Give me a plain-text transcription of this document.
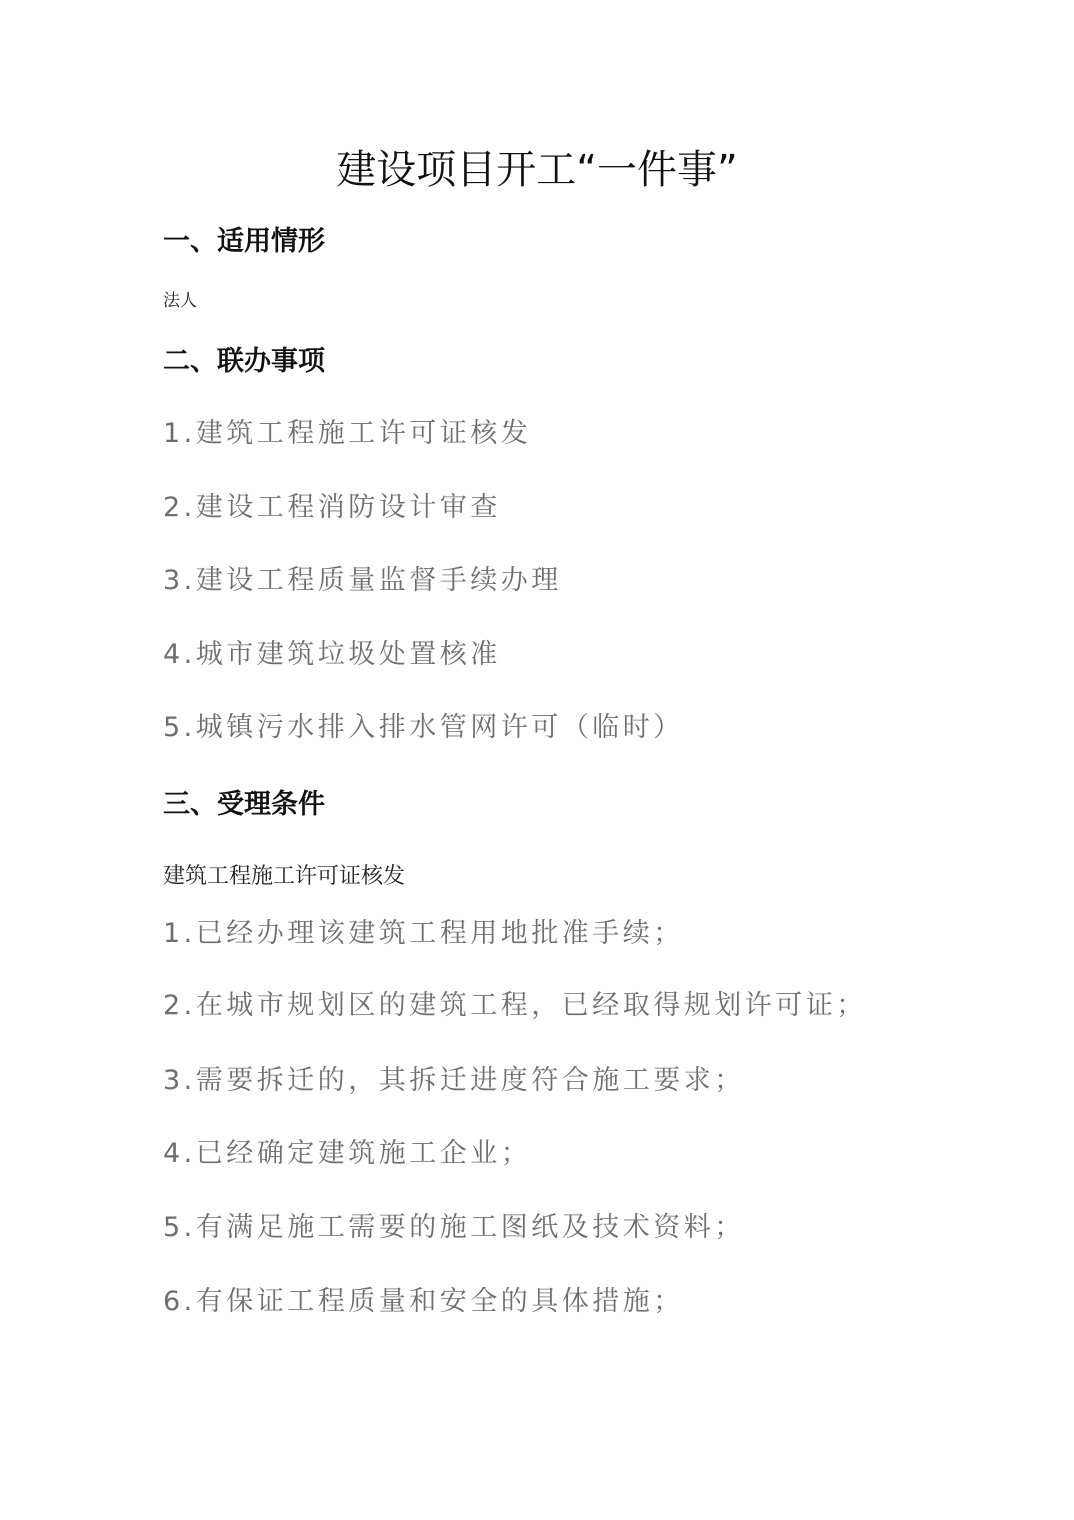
建设项目开工“一件事”
一、适用情形
法人
二、联办事项
1.建筑工程施工许可证核发
2.建设工程消防设计审查
3.建设工程质量监督手续办理
4.城市建筑垃圾处置核准
5.城镇污水排入排水管网许可（临时）
三、受理条件
建筑工程施工许可证核发
1.已经办理该建筑工程用地批准手续；
2.在城市规划区的建筑工程，已经取得规划许可证；
3.需要拆迁的，其拆迁进度符合施工要求；
4.已经确定建筑施工企业；
5.有满足施工需要的施工图纸及技术资料；
6.有保证工程质量和安全的具体措施；
